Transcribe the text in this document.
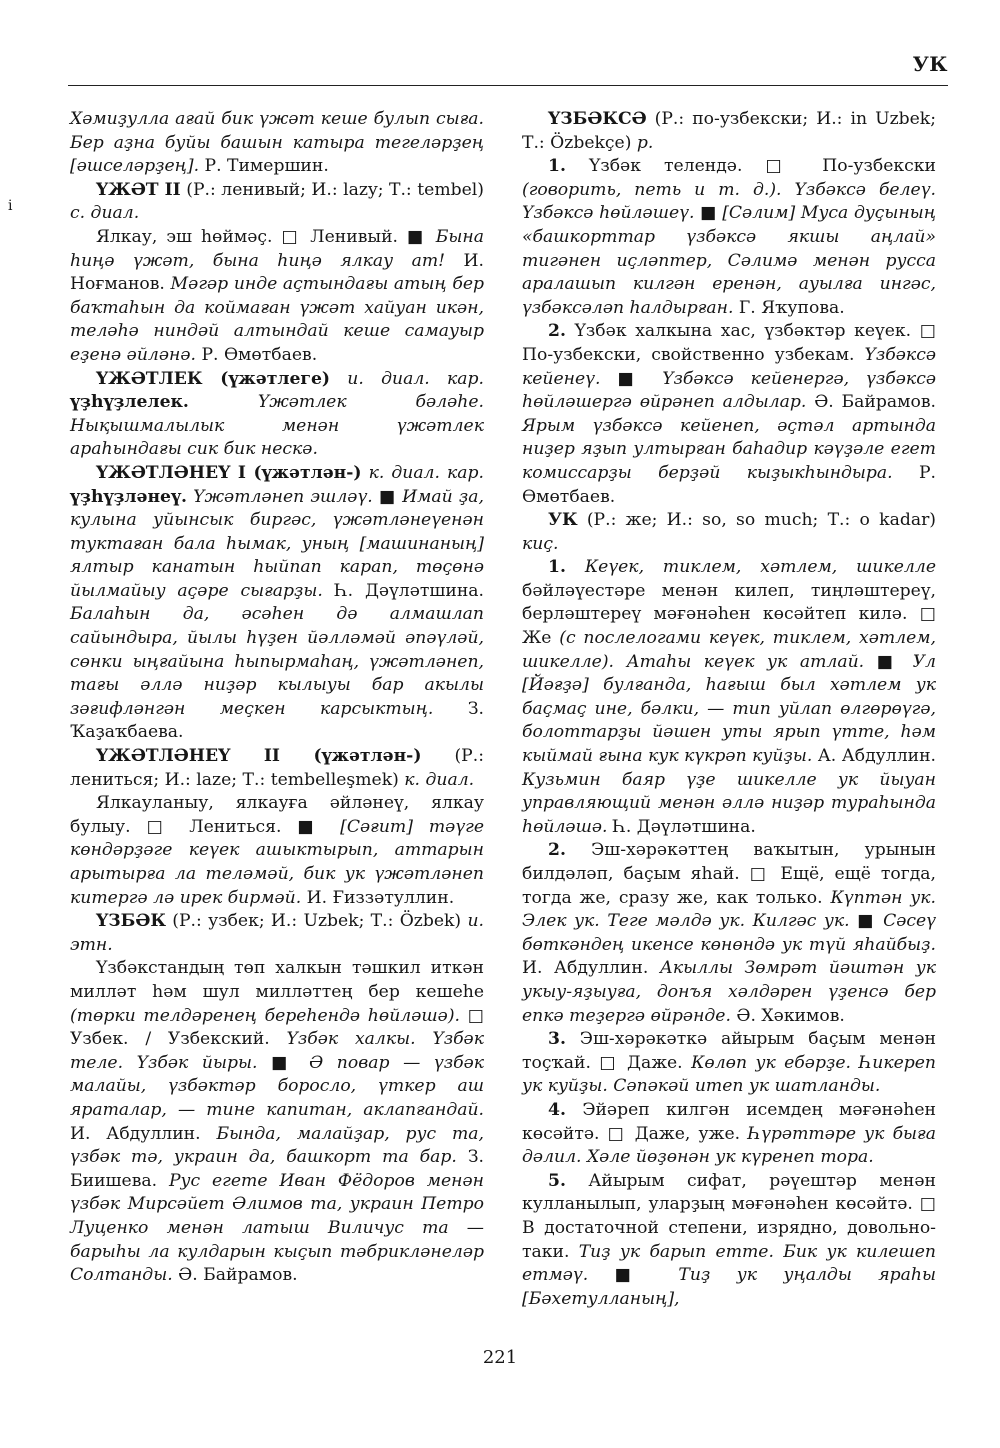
УК
i

Хәмиҙулла ағай бик үжәт кеше булып сыға. Бер аҙна буйы башын катыра тегеләрҙең [әшселәрҙең]. Р. Тимершин.

ҮЖӘТ II (Р.: ленивый; И.: lazy; Т.: tembel) с. диал.

Ялкау, эш һөймәҫ. □ Ленивый. ■ Бына һиңә үжәт, бына һиңә ялкау ат! И. Ноғманов. Мәгәр инде аҫтындағы атың бер баҡтаһын да коймаған үжәт хайуан икән, теләһә ниндәй алтындай кеше самауыр еҙенә әйләнә. Р. Өмөтбаев.

ҮЖӘТЛЕК (үжәтлеге) и. диал. кар. үҙһүҙлелек. Үжәтлек бәләһе. Нықышмалылык менән үжәтлек араһындағы сик бик нескә.

ҮЖӘТЛӘНЕҮ I (үжәтлән-) к. диал. кар. үҙһүҙләнеү. Үжәтләнеп эшләү. ■ Имай ҙа, кулына уйынсык биргәс, үжәтләнеүенән туктаған бала һымак, уның [машинаның] ялтыр канатын һыйпап карап, төҫөнә йылмайыу аҫәре сығарҙы. Һ. Дәүләтшина. Балаһын да, әсәһен дә алмашлап сайындыра, йылы һүҙен йәлләмәй әпәүләй, сөнки ыңғайына һыпырмаһаң, үжәтләнеп, тағы әллә ниҙәр кылыуы бар акылы зәғифләнгән меҫкен карсыктың. З. Ҡаҙаҡбаева.

ҮЖӘТЛӘНЕҮ II (үжәтлән-) (Р.: лениться; И.: laze; Т.: tembelleşmek) к. диал.

Ялкауланыу, ялкауға әйләнеү, ялкау булыу. □ Лениться. ■ [Сәғит] тәүге көндәрҙәге кеүек ашыктырып, аттарын арытырға ла теләмәй, бик ук үжәтләнеп китергә лә ирек бирмәй. И. Ғиззәтуллин.

ҮЗБӘК (Р.: узбек; И.: Uzbek; Т.: Özbek) и. этн.

Үзбәкстандың төп халкын тәшкил иткән милләт һәм шул милләттең бер кешеһе (төрки телдәренең береһендә һөйләшә). □ Узбек. / Узбекский. Үзбәк халкы. Үзбәк теле. Үзбәк йыры. ■ Ә повар — үзбәк малайы, үзбәктәр боросло, үткер аш яраталар, — тине капитан, аклanғандай. И. Абдуллин. Бында, малайҙар, рус та, үзбәк тә, украин да, башкорт та бар. З. Биишева. Рус егете Иван Фёдоров менән үзбәк Мирсәйет Әлимов та, украин Петро Луценко менән латыш Виличус та — барыһы ла кулдарын кыҫып тәбрикләнеләр Солтанды. Ә. Байрамов.

ҮЗБӘКСӘ (Р.: по-узбекски; И.: in Uzbek; Т.: Özbekçe) р.

1. Үзбәк телендә. □ По-узбекски (говорить, петь и т. д.). Үзбәксә белеү. Үзбәксә һөйләшеү. ■ [Сәлим] Муса дуҫының «башкорттар үзбәксә якшы аңлай» тигәнен иҫләптер, Сәлимә менән русса аралашып килгән еренән, ауылға ингәс, үзбәксәләп һалдырған. Г. Яҡупова.

2. Үзбәк халкына хас, үзбәктәр кеүек. □ По-узбекски, свойственно узбекам. Үзбәксә кейенеү. ■ Үзбәксә кейенергә, үзбәксә һөйләшергә өйрәнеп алдылар. Ә. Байрамов. Ярым үзбәксә кейенеп, әҫтәл артында ниҙер яҙып ултырған баһадир кәүҙәле егет комиссарҙы берҙәй кыҙыкһындыра. Р. Өмөтбаев.

УК (Р.: же; И.: so, so much; Т.: o kadar) киҫ.

1. Кеүек, тиклем, хәтлем, шикелле бәйләүестәре менән килеп, тиңләштереү, берләштереү мәғәнәһен көсәйтеп килә. □ Же (с послелогами кеүек, тиклем, хәтлем, шикелле). Атаһы кеүек ук атлай. ■ Ул [Йәғҙә] булғанда, һағыш был хәтлем ук баҫмаҫ ине, бәлки, — тип уйлап өлгөрөүгә, болоттарҙы йәшен уты ярып үтте, һәм кыймай ғына кук күкрәп куйҙы. А. Абдуллин. Кузьмин баяр үҙе шикелле ук йыуан управляющий менән әллә ниҙәр тураһында һөйләшә. Һ. Дәүләтшина.

2. Эш-хәрәкәттең ваҡытын, урынын билдәләп, баҫым яһай. □ Ещё, ещё тогда, тогда же, сразу же, как только. Күптән ук. Элек ук. Теге мәлдә ук. Килгәс ук. ■ Сәсеү бөткәндең икенсе көнөндә ук түй яһайбыҙ. И. Абдуллин. Акыллы Зөмрәт йәштән ук укыу-яҙыуға, донъя хәлдәрен үҙенсә бер епкә теҙергә өйрәнде. Ә. Хәкимов.

3. Эш-хәрәкәткә айырым баҫым менән тоҫҡай. □ Даже. Көлөп ук ебәрҙе. Һикереп ук куйҙы. Сәпәкәй итеп ук шатланды.

4. Эйәреп килгән исемдең мәғәнәһен көсәйтә. □ Даже, уже. Һүрәттәре ук быға дәлил. Хәле йөҙөнән ук күренеп тора.

5. Айырым сифат, рәүештәр менән кулланылып, уларҙың мәғәнәһен көсәйтә. □ В достаточной степени, изрядно, довольно-таки. Тиҙ ук барып етте. Бик ук килешеп етмәү. ■ Тиҙ ук уңалды яраһы [Бәхетулланың],

221
